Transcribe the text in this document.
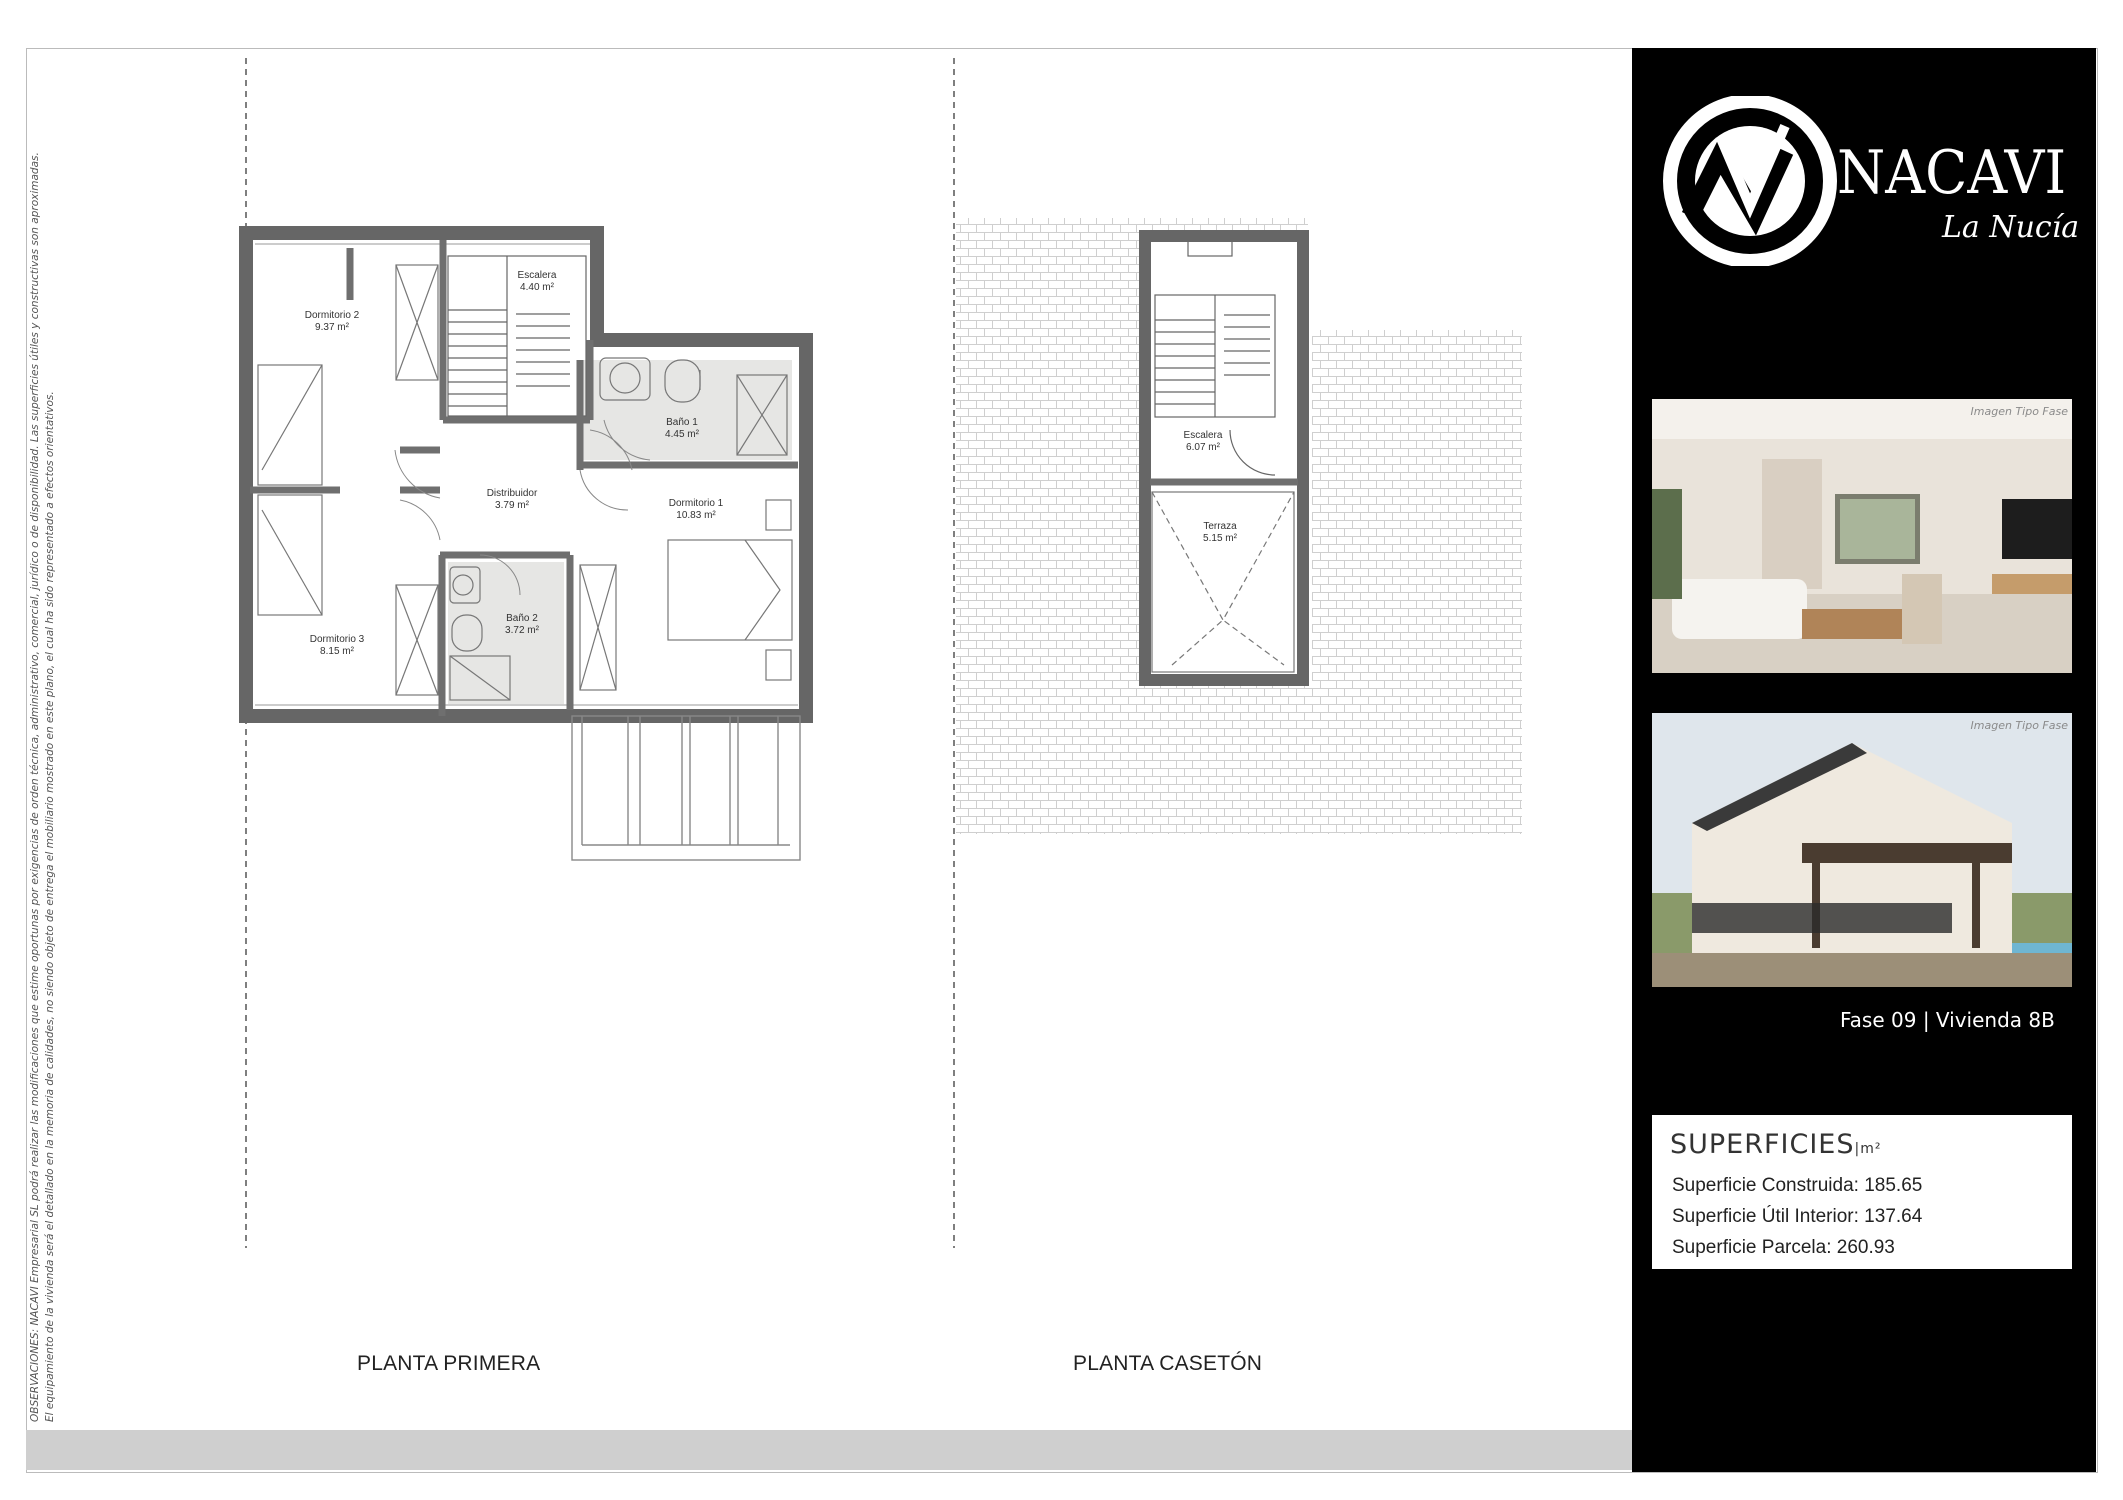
OBSERVACIONES: NACAVI Empresarial SL podrá realizar las modificaciones que estime oportunas por exigencias de orden técnica, administrativo, comercial, jurídico o de disponibilidad. Las superficies útiles y constructivas son aproximadas. El equipamiento de la vivienda será el detallado en la memoria de calidades, no siendo objeto de entrega el mobiliario mostrado en este plano, el cual ha sido representado a efectos orientativos.
Dormitorio 2 9.37 m²
Escalera 4.40 m²
Baño 1 4.45 m²
Distribuidor 3.79 m²	Dormitorio 1 10.83 m²
Baño 2 3.72 m²
Dormitorio 3 8.15 m²
Escalera 6.07 m²
Terraza 5.15 m²
PLANTA PRIMERA	PLANTA CASETÓN
NACAVI
La Nucía
Imagen Tipo Fase
Imagen Tipo Fase
Fase 09 | Vivienda 8B
SUPERFICIES|m²
Superficie Construida: 185.65
Superficie Útil Interior: 137.64
Superficie Parcela: 260.93
